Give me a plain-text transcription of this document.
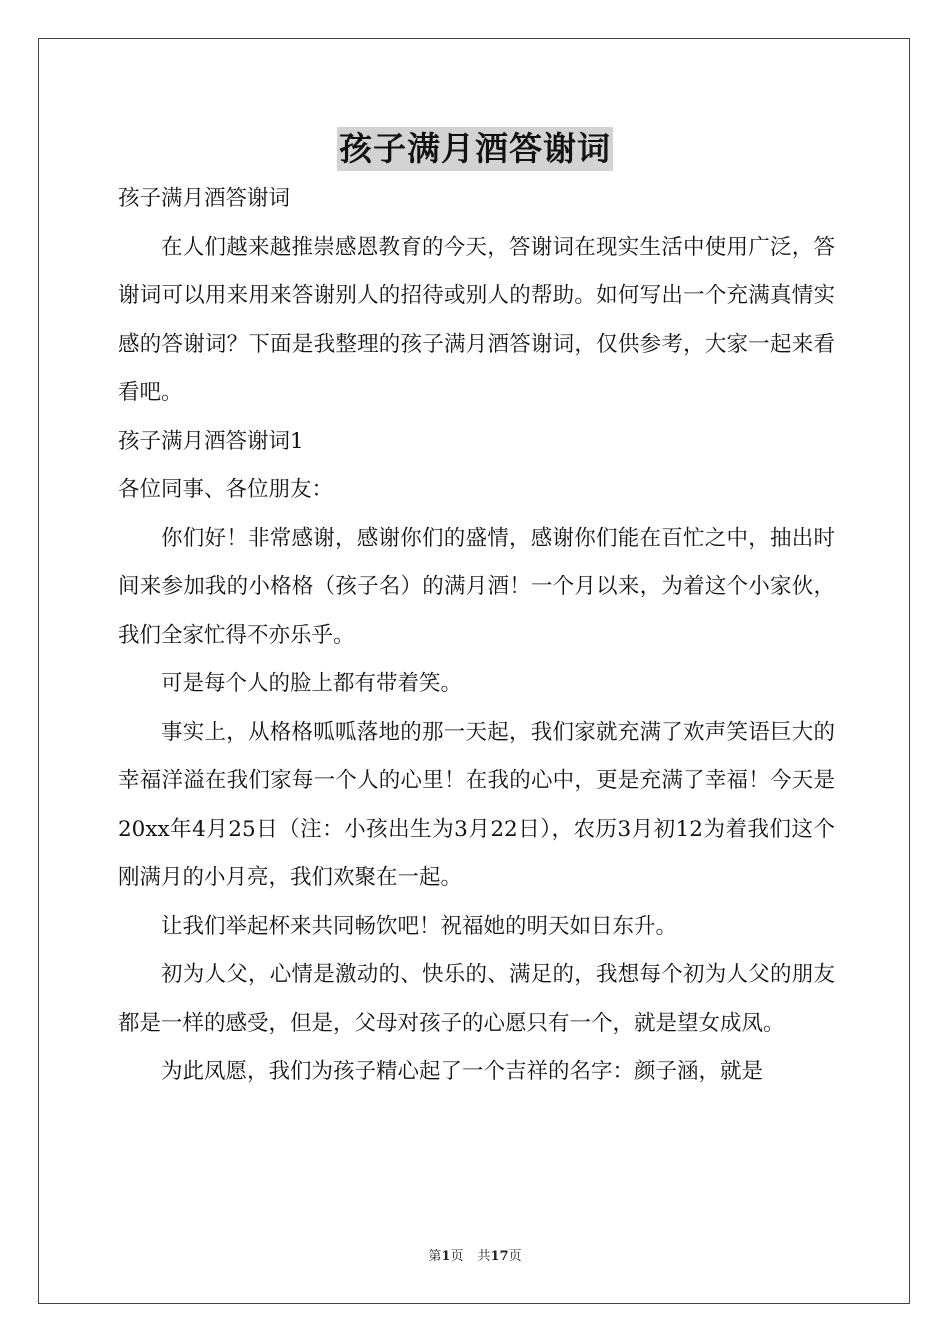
孩子满月酒答谢词

孩子满月酒答谢词

在人们越来越推崇感恩教育的今天，答谢词在现实生活中使用广泛，答谢词可以用来用来答谢别人的招待或别人的帮助。如何写出一个充满真情实感的答谢词？下面是我整理的孩子满月酒答谢词，仅供参考，大家一起来看看吧。

孩子满月酒答谢词1

各位同事、各位朋友：

你们好！非常感谢，感谢你们的盛情，感谢你们能在百忙之中，抽出时间来参加我的小格格（孩子名）的满月酒！一个月以来，为着这个小家伙，我们全家忙得不亦乐乎。

可是每个人的脸上都有带着笑。

事实上，从格格呱呱落地的那一天起，我们家就充满了欢声笑语巨大的幸福洋溢在我们家每一个人的心里！在我的心中，更是充满了幸福！今天是20xx年4月25日（注：小孩出生为3月22日），农历3月初12为着我们这个刚满月的小月亮，我们欢聚在一起。

让我们举起杯来共同畅饮吧！祝福她的明天如日东升。

初为人父，心情是激动的、快乐的、满足的，我想每个初为人父的朋友都是一样的感受，但是，父母对孩子的心愿只有一个，就是望女成凤。

为此凤愿，我们为孩子精心起了一个吉祥的名字：颜子涵，就是

第1页 共17页
